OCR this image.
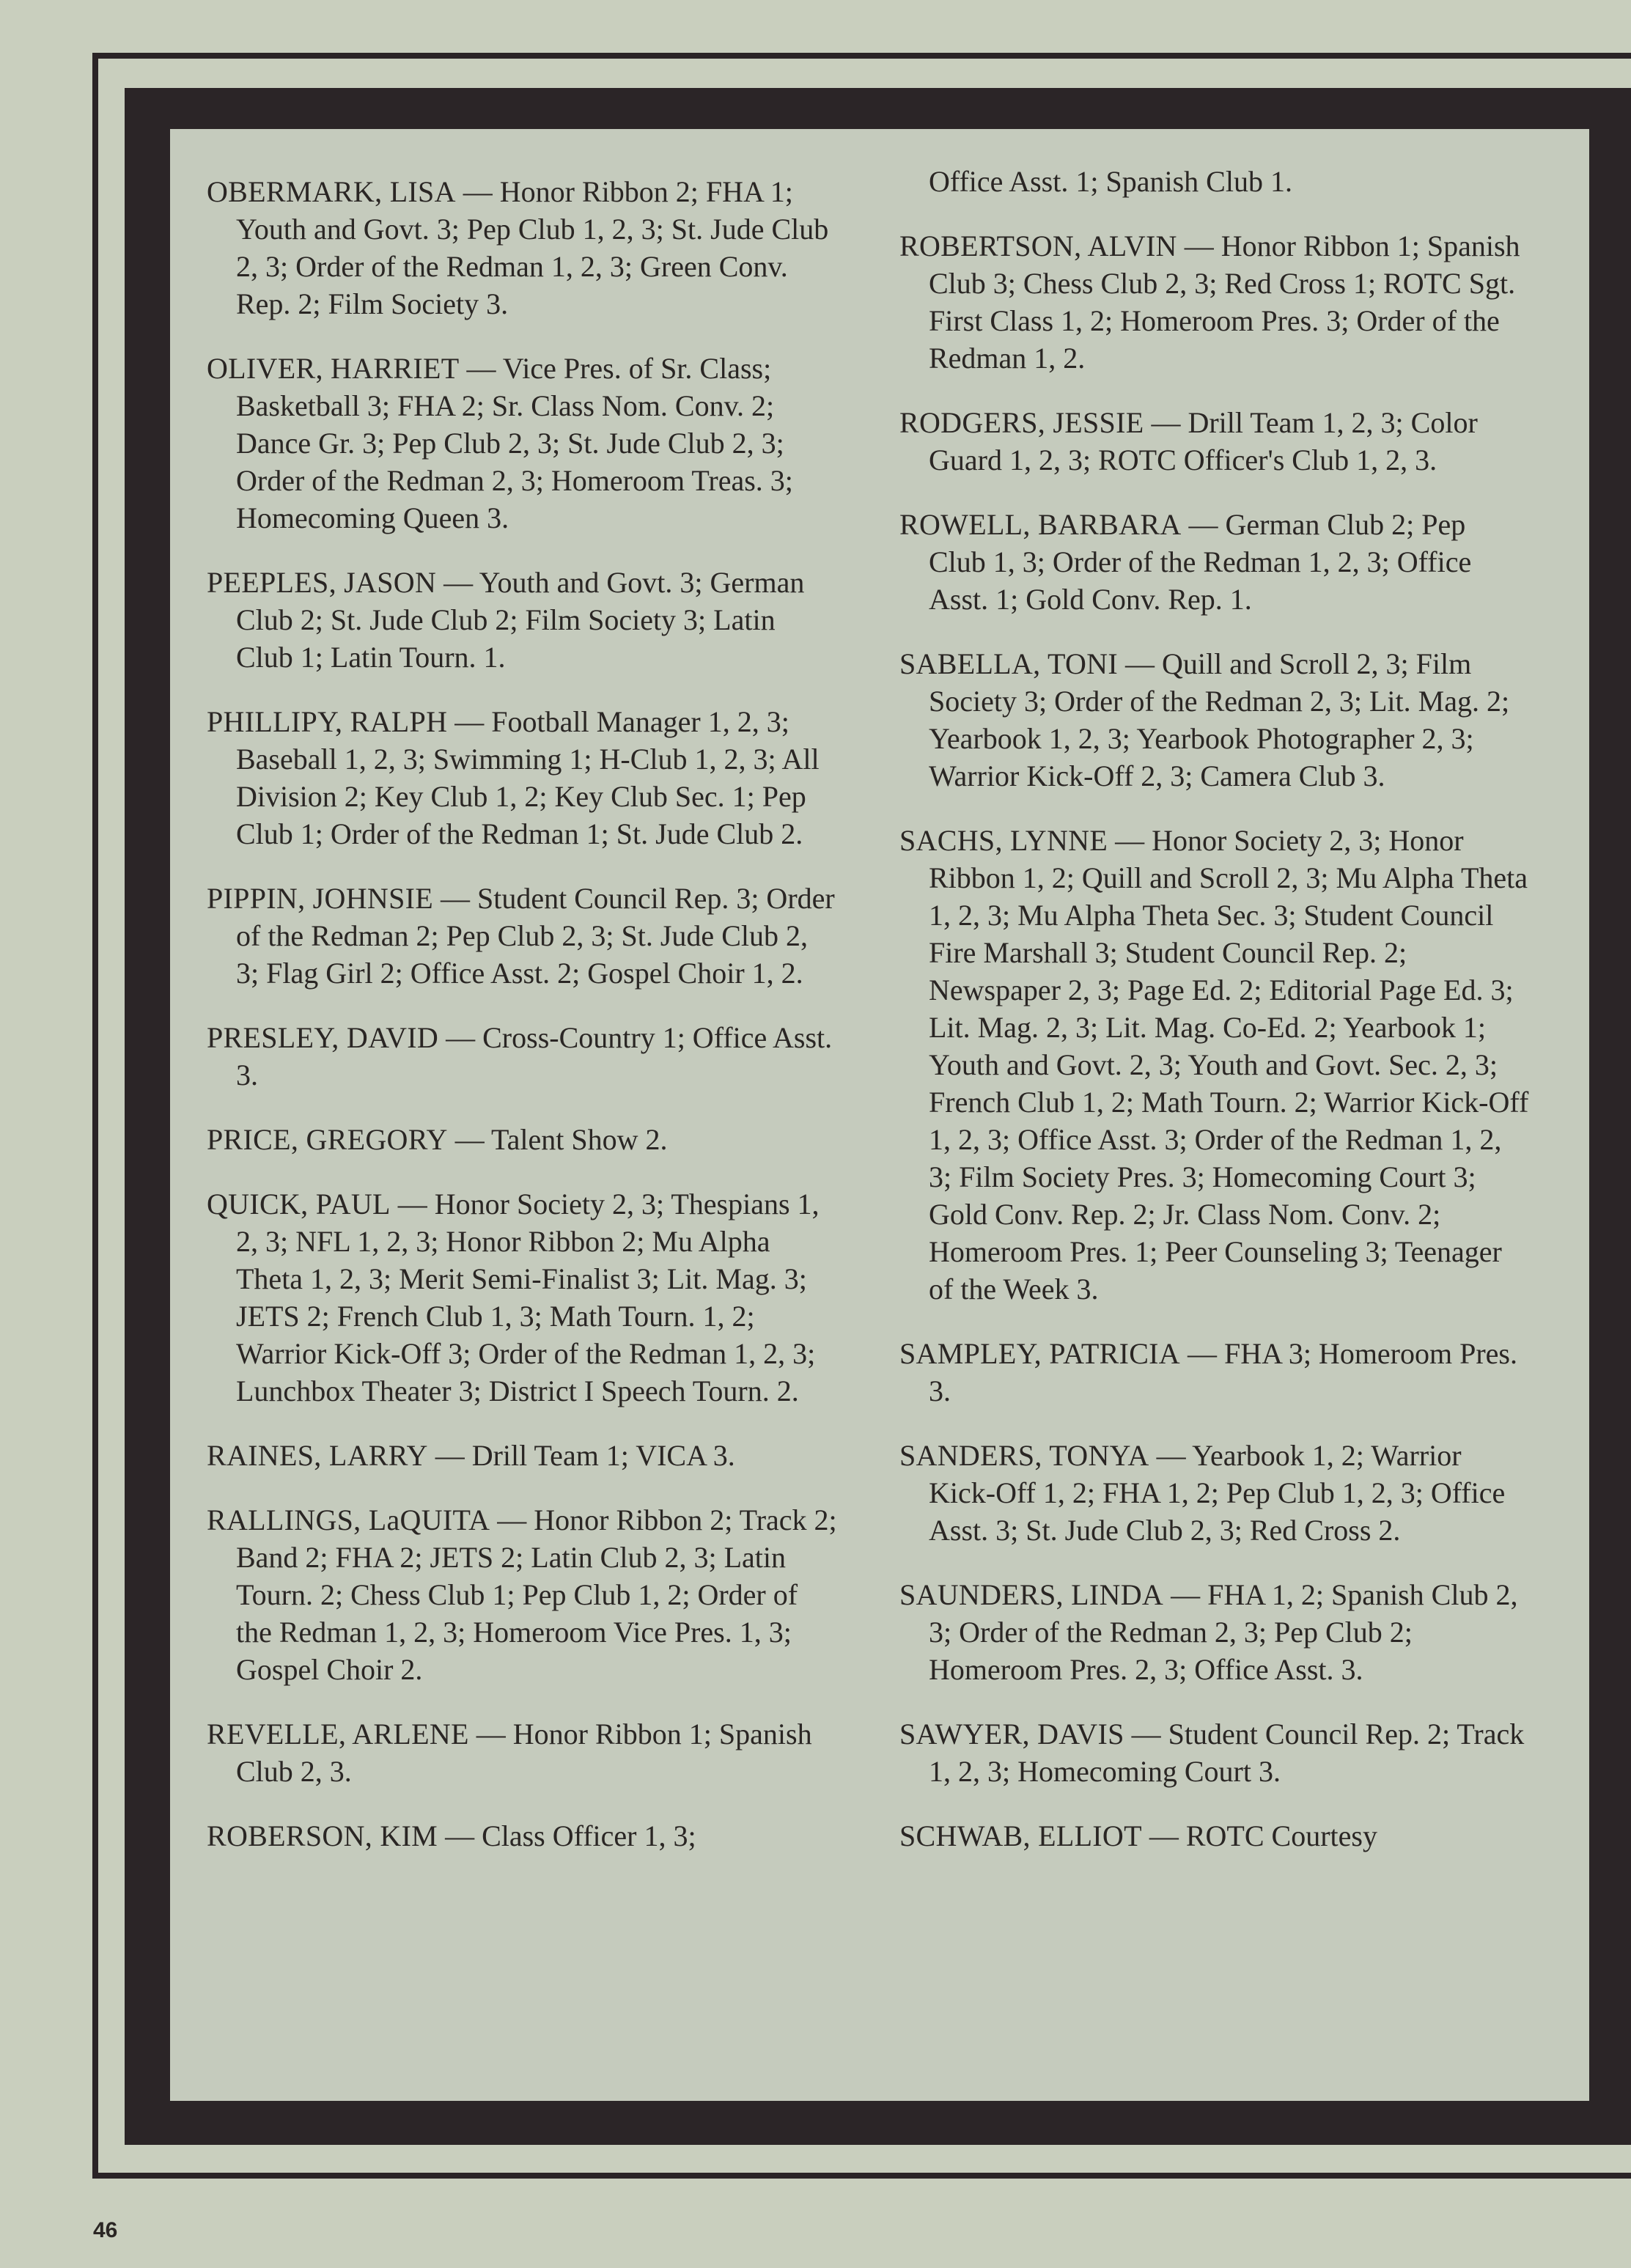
OBERMARK, LISA — Honor Ribbon 2; FHA 1; Youth and Govt. 3; Pep Club 1, 2, 3; St. Jude Club 2, 3; Order of the Redman 1, 2, 3; Green Conv. Rep. 2; Film Society 3.

OLIVER, HARRIET — Vice Pres. of Sr. Class; Basketball 3; FHA 2; Sr. Class Nom. Conv. 2; Dance Gr. 3; Pep Club 2, 3; St. Jude Club 2, 3; Order of the Redman 2, 3; Homeroom Treas. 3; Homecoming Queen 3.

PEEPLES, JASON — Youth and Govt. 3; German Club 2; St. Jude Club 2; Film Society 3; Latin Club 1; Latin Tourn. 1.

PHILLIPY, RALPH — Football Manager 1, 2, 3; Baseball 1, 2, 3; Swimming 1; H-Club 1, 2, 3; All Division 2; Key Club 1, 2; Key Club Sec. 1; Pep Club 1; Order of the Redman 1; St. Jude Club 2.

PIPPIN, JOHNSIE — Student Council Rep. 3; Order of the Redman 2; Pep Club 2, 3; St. Jude Club 2, 3; Flag Girl 2; Office Asst. 2; Gospel Choir 1, 2.

PRESLEY, DAVID — Cross-Country 1; Office Asst. 3.

PRICE, GREGORY — Talent Show 2.

QUICK, PAUL — Honor Society 2, 3; Thespians 1, 2, 3; NFL 1, 2, 3; Honor Ribbon 2; Mu Alpha Theta 1, 2, 3; Merit Semi-Finalist 3; Lit. Mag. 3; JETS 2; French Club 1, 3; Math Tourn. 1, 2; Warrior Kick-Off 3; Order of the Redman 1, 2, 3; Lunchbox Theater 3; District I Speech Tourn. 2.

RAINES, LARRY — Drill Team 1; VICA 3.

RALLINGS, LaQUITA — Honor Ribbon 2; Track 2; Band 2; FHA 2; JETS 2; Latin Club 2, 3; Latin Tourn. 2; Chess Club 1; Pep Club 1, 2; Order of the Redman 1, 2, 3; Homeroom Vice Pres. 1, 3; Gospel Choir 2.

REVELLE, ARLENE — Honor Ribbon 1; Spanish Club 2, 3.

ROBERSON, KIM — Class Officer 1, 3;

Office Asst. 1; Spanish Club 1.

ROBERTSON, ALVIN — Honor Ribbon 1; Spanish Club 3; Chess Club 2, 3; Red Cross 1; ROTC Sgt. First Class 1, 2; Homeroom Pres. 3; Order of the Redman 1, 2.

RODGERS, JESSIE — Drill Team 1, 2, 3; Color Guard 1, 2, 3; ROTC Officer's Club 1, 2, 3.

ROWELL, BARBARA — German Club 2; Pep Club 1, 3; Order of the Redman 1, 2, 3; Office Asst. 1; Gold Conv. Rep. 1.

SABELLA, TONI — Quill and Scroll 2, 3; Film Society 3; Order of the Redman 2, 3; Lit. Mag. 2; Yearbook 1, 2, 3; Yearbook Photographer 2, 3; Warrior Kick-Off 2, 3; Camera Club 3.

SACHS, LYNNE — Honor Society 2, 3; Honor Ribbon 1, 2; Quill and Scroll 2, 3; Mu Alpha Theta 1, 2, 3; Mu Alpha Theta Sec. 3; Student Council Fire Marshall 3; Student Council Rep. 2; Newspaper 2, 3; Page Ed. 2; Editorial Page Ed. 3; Lit. Mag. 2, 3; Lit. Mag. Co-Ed. 2; Yearbook 1; Youth and Govt. 2, 3; Youth and Govt. Sec. 2, 3; French Club 1, 2; Math Tourn. 2; Warrior Kick-Off 1, 2, 3; Office Asst. 3; Order of the Redman 1, 2, 3; Film Society Pres. 3; Homecoming Court 3; Gold Conv. Rep. 2; Jr. Class Nom. Conv. 2; Homeroom Pres. 1; Peer Counseling 3; Teenager of the Week 3.

SAMPLEY, PATRICIA — FHA 3; Homeroom Pres. 3.

SANDERS, TONYA — Yearbook 1, 2; Warrior Kick-Off 1, 2; FHA 1, 2; Pep Club 1, 2, 3; Office Asst. 3; St. Jude Club 2, 3; Red Cross 2.

SAUNDERS, LINDA — FHA 1, 2; Spanish Club 2, 3; Order of the Redman 2, 3; Pep Club 2; Homeroom Pres. 2, 3; Office Asst. 3.

SAWYER, DAVIS — Student Council Rep. 2; Track 1, 2, 3; Homecoming Court 3.

SCHWAB, ELLIOT — ROTC Courtesy

46
